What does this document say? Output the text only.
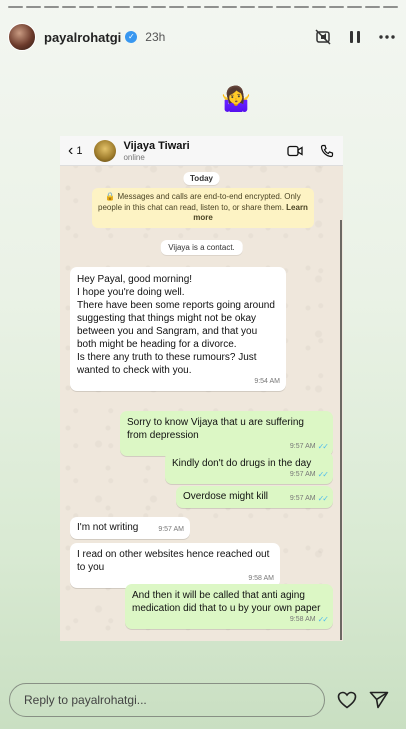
payalrohatgi ✓ 23h
🤷‍♀️
‹ 1	Vijaya Tiwari
online
Today
🔒 Messages and calls are end-to-end encrypted. Only people in this chat can read, listen to, or share them. Learn more
Vijaya is a contact.
Hey Payal, good morning!
I hope you're doing well.
There have been some reports going around suggesting that things might not be okay between you and Sangram, and that you both might be heading for a divorce.
Is there any truth to these rumours? Just wanted to check with you.
9:54 AM
Sorry to know Vijaya that u are suffering from depression
9:57 AM ✓✓
Kindly don't do drugs in the day
9:57 AM ✓✓
Overdose might kill	9:57 AM ✓✓
I'm not writing	9:57 AM
I read on other websites hence reached out to you
9:58 AM
And then it will be called that anti aging medication did that to u by your own paper
9:58 AM ✓✓
Reply to payalrohatgi...
